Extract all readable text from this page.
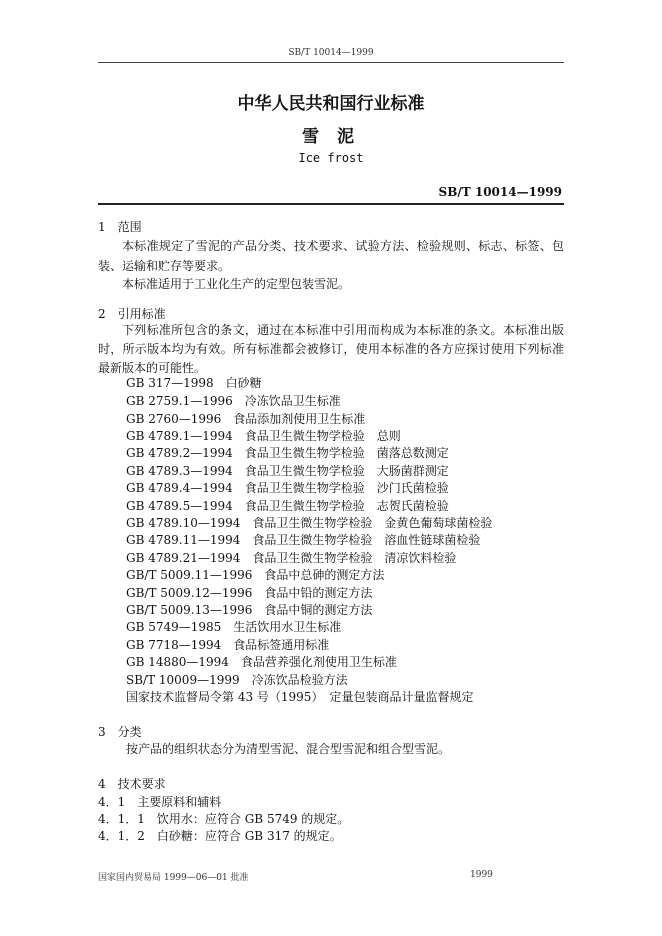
SB/T 10014—1999
中华人民共和国行业标准
雪 泥
Ice frost
SB/T 10014—1999
1　范围
本标准规定了雪泥的产品分类、技术要求、试验方法、检验规则、标志、标签、包装、运输和贮存等要求。
本标准适用于工业化生产的定型包装雪泥。
2　引用标准
下列标准所包含的条文，通过在本标准中引用而构成为本标准的条文。本标准出版时，所示版本均为有效。所有标准都会被修订，使用本标准的各方应探讨使用下列标准最新版本的可能性。
GB 317—1998　白砂糖
GB 2759.1—1996　冷冻饮品卫生标准
GB 2760—1996　食品添加剂使用卫生标准
GB 4789.1—1994　食品卫生微生物学检验　总则
GB 4789.2—1994　食品卫生微生物学检验　菌落总数测定
GB 4789.3—1994　食品卫生微生物学检验　大肠菌群测定
GB 4789.4—1994　食品卫生微生物学检验　沙门氏菌检验
GB 4789.5—1994　食品卫生微生物学检验　志贺氏菌检验
GB 4789.10—1994　食品卫生微生物学检验　金黄色葡萄球菌检验
GB 4789.11—1994　食品卫生微生物学检验　溶血性链球菌检验
GB 4789.21—1994　食品卫生微生物学检验　清凉饮料检验
GB/T 5009.11—1996　食品中总砷的测定方法
GB/T 5009.12—1996　食品中铅的测定方法
GB/T 5009.13—1996　食品中铜的测定方法
GB 5749—1985　生活饮用水卫生标准
GB 7718—1994　食品标签通用标准
GB 14880—1994　食品营养强化剂使用卫生标准
SB/T 10009—1999　冷冻饮品检验方法
国家技术监督局令第 43 号（1995）　定量包装商品计量监督规定
3　分类
按产品的组织状态分为清型雪泥、混合型雪泥和组合型雪泥。
4　技术要求
4．1　主要原料和辅料
4．1．1　饮用水：应符合 GB 5749 的规定。
4．1．2　白砂糖：应符合 GB 317 的规定。
国家国内贸易局 1999—06—01 批准	1999
